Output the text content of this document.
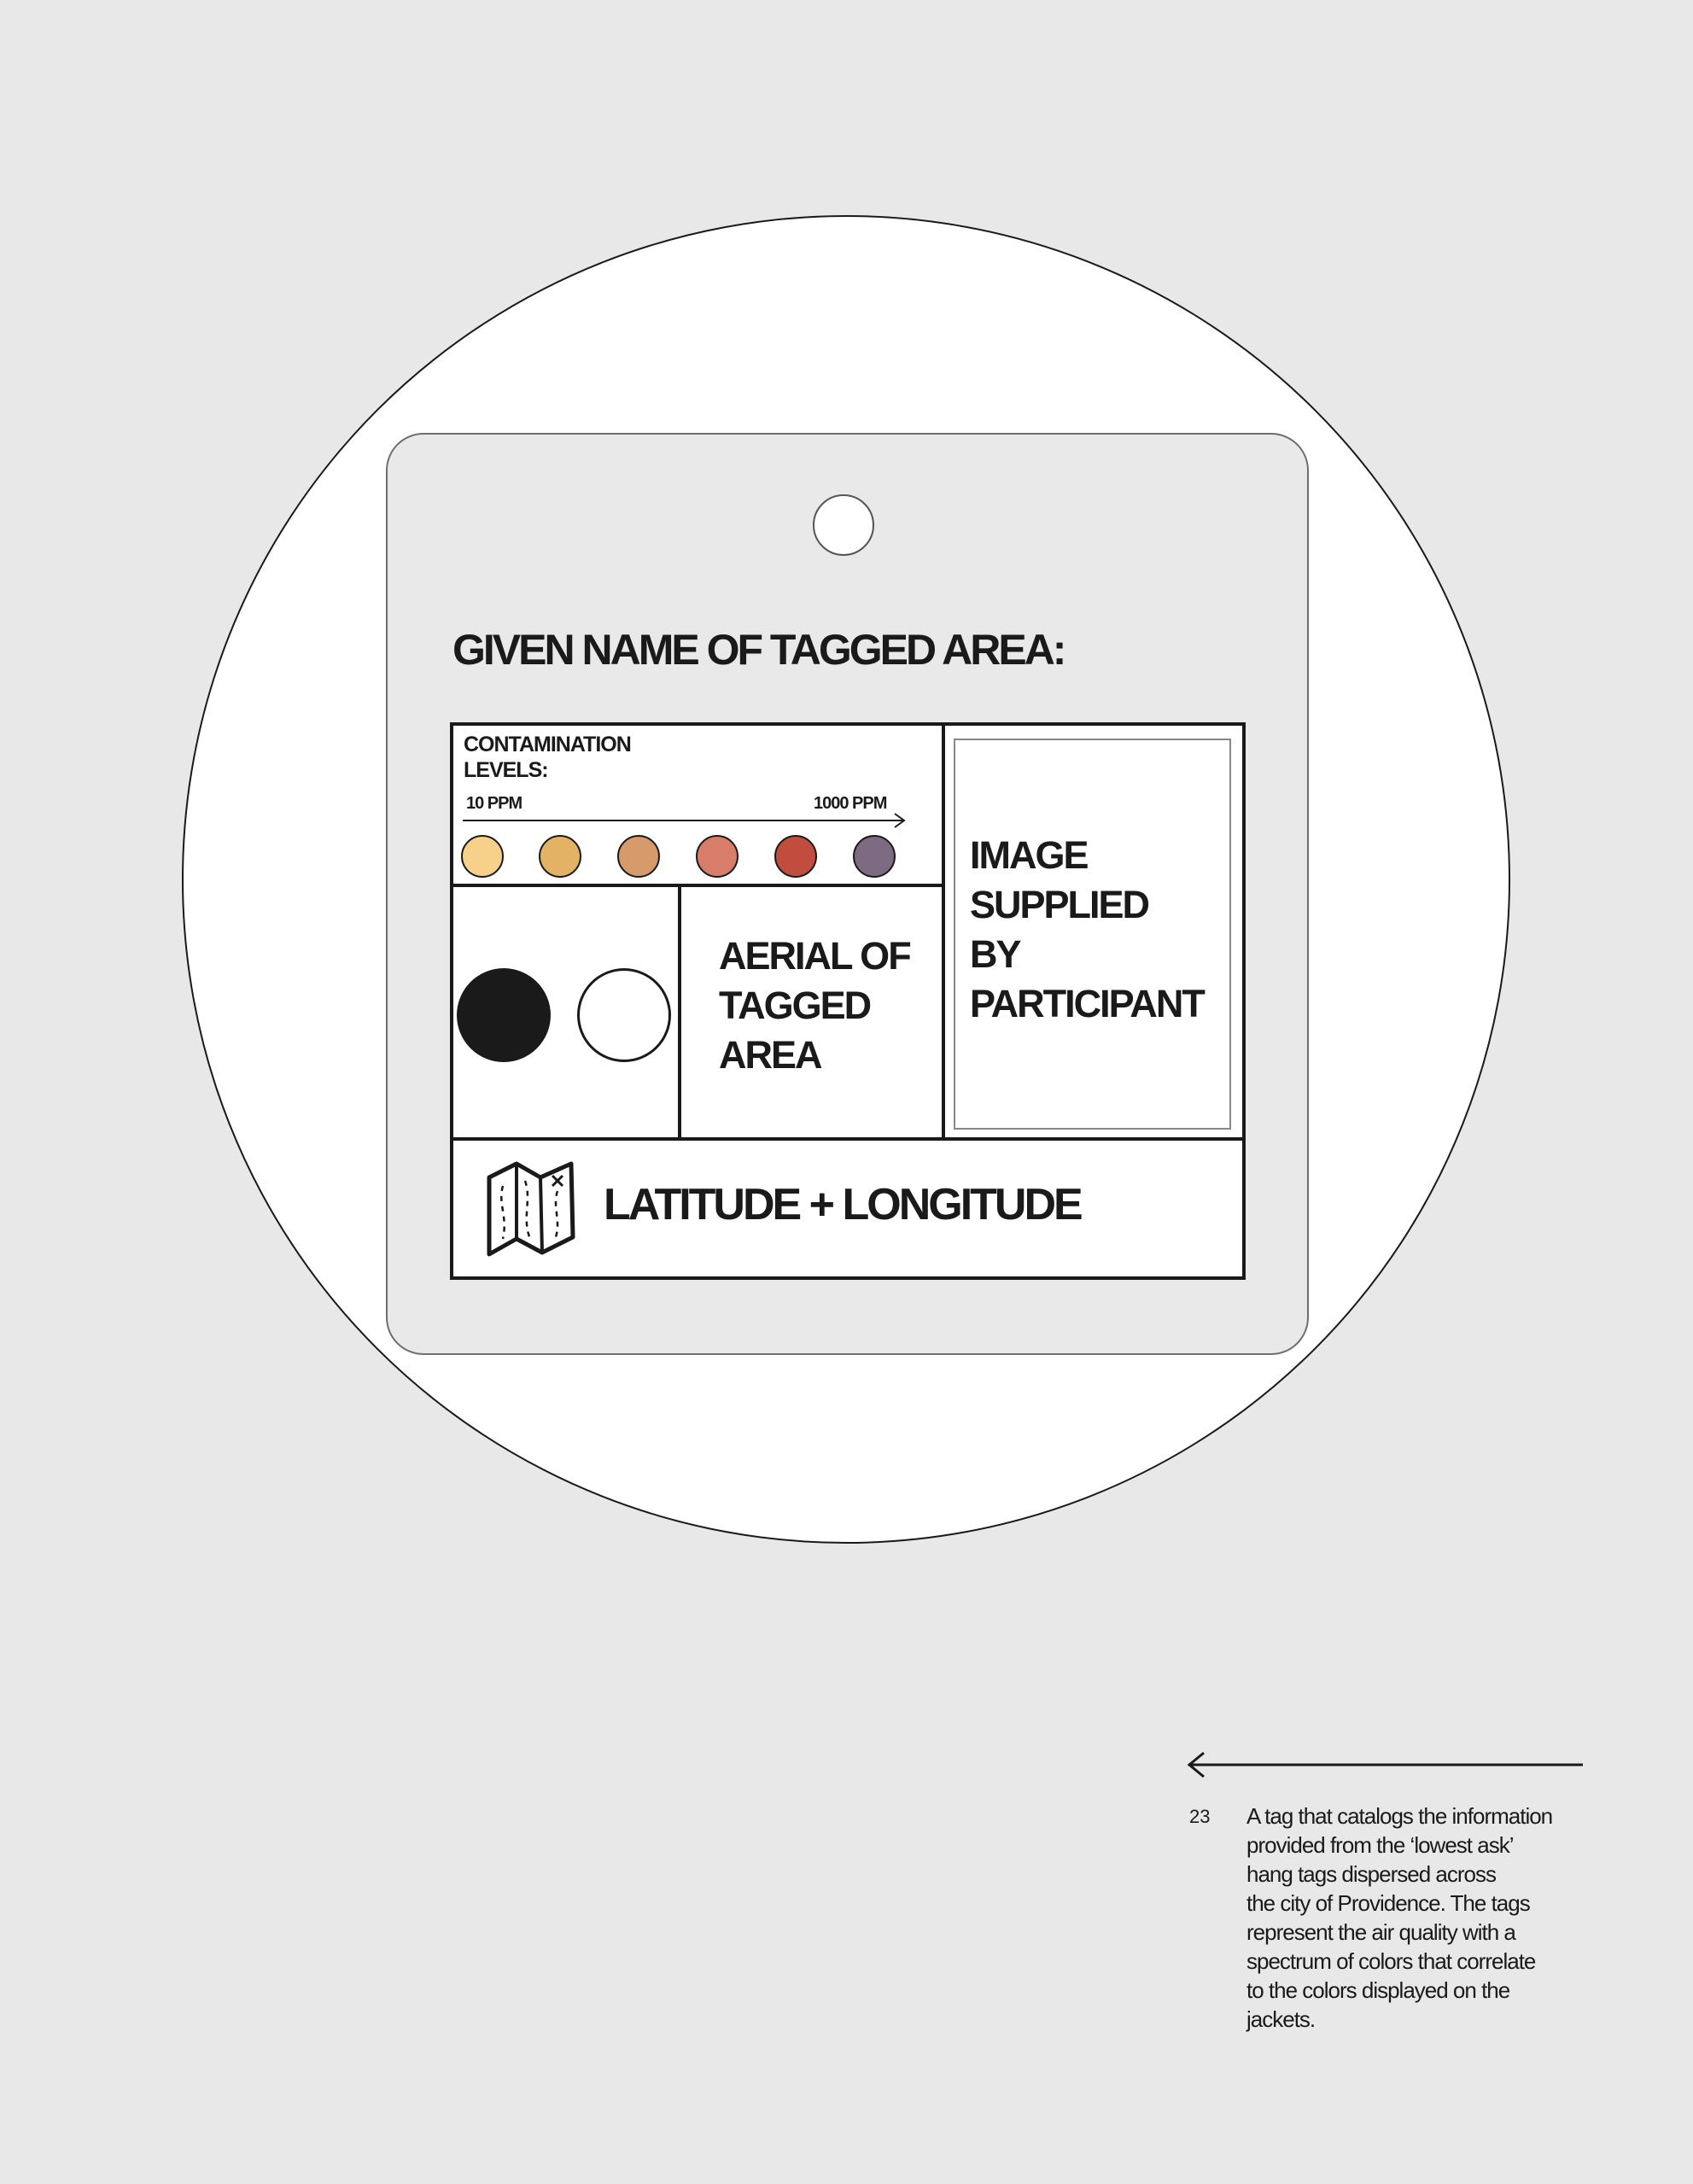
GIVEN NAME OF TAGGED AREA:
CONTAMINATION
LEVELS:
10 PPM	1000 PPM
AERIAL OF
TAGGED
AREA
IMAGE
SUPPLIED
BY
PARTICIPANT
LATITUDE + LONGITUDE
23 A tag that catalogs the information
provided from the ‘lowest ask’
hang tags dispersed across
the city of Providence. The tags
represent the air quality with a
spectrum of colors that correlate
to the colors displayed on the
jackets.
